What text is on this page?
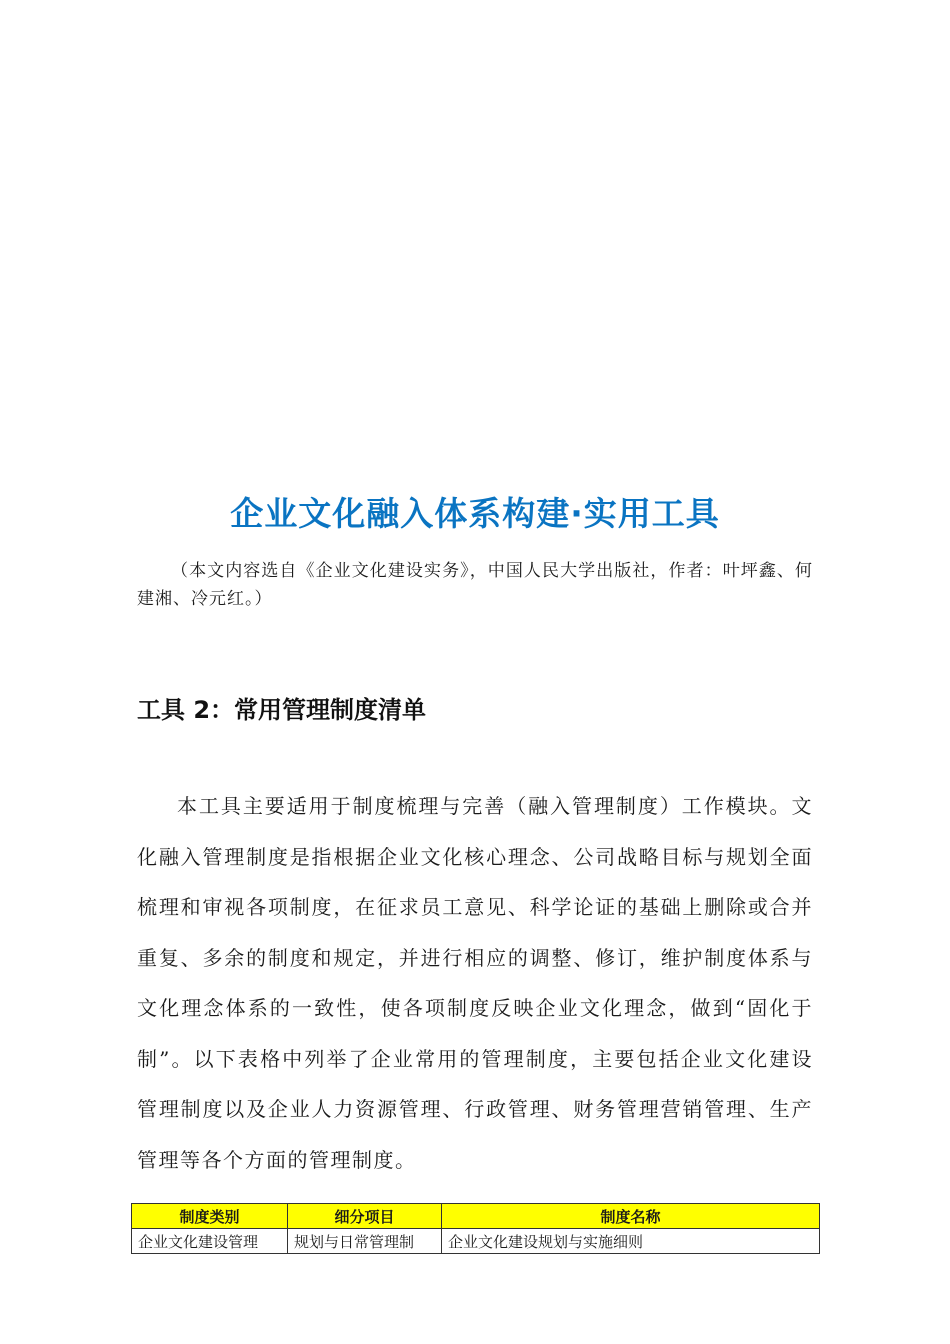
企业文化融入体系构建·实用工具

（本文内容选自《企业文化建设实务》，中国人民大学出版社，作者：叶坪鑫、何建湘、冷元红。）

工具 2：常用管理制度清单

本工具主要适用于制度梳理与完善（融入管理制度）工作模块。文化融入管理制度是指根据企业文化核心理念、公司战略目标与规划全面梳理和审视各项制度，在征求员工意见、科学论证的基础上删除或合并重复、多余的制度和规定，并进行相应的调整、修订，维护制度体系与文化理念体系的一致性，使各项制度反映企业文化理念，做到“固化于制”。以下表格中列举了企业常用的管理制度，主要包括企业文化建设管理制度以及企业人力资源管理、行政管理、财务管理营销管理、生产管理等各个方面的管理制度。

制度类别	细分项目	制度名称
企业文化建设管理	规划与日常管理制	企业文化建设规划与实施细则
